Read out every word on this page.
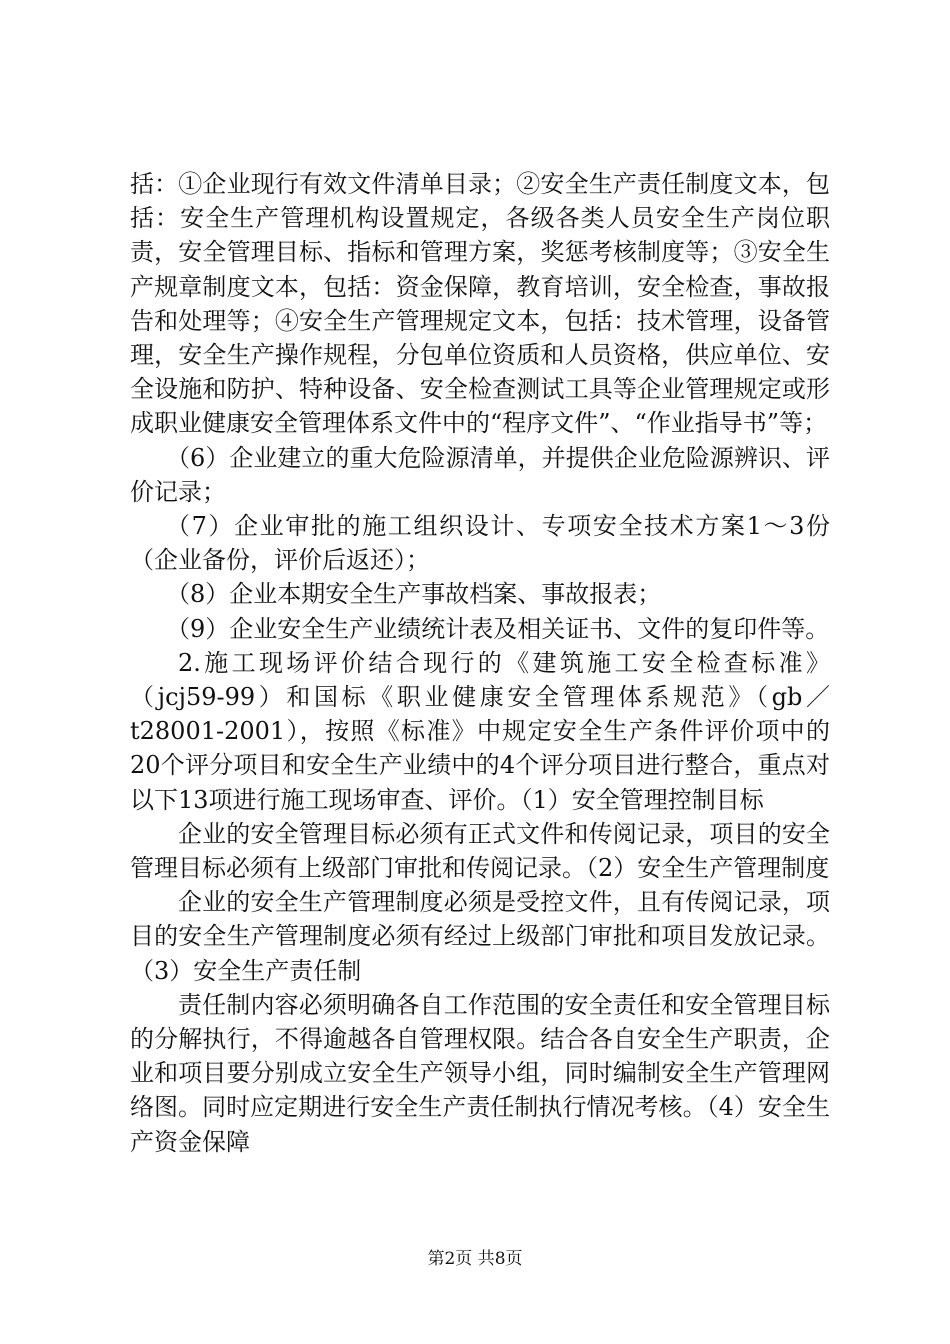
括：①企业现行有效文件清单目录；②安全生产责任制度文本，包括：安全生产管理机构设置规定，各级各类人员安全生产岗位职责，安全管理目标、指标和管理方案，奖惩考核制度等；③安全生产规章制度文本，包括：资金保障，教育培训，安全检查，事故报告和处理等；④安全生产管理规定文本，包括：技术管理，设备管理，安全生产操作规程，分包单位资质和人员资格，供应单位、安全设施和防护、特种设备、安全检查测试工具等企业管理规定或形成职业健康安全管理体系文件中的“程序文件”、“作业指导书”等；

（6）企业建立的重大危险源清单，并提供企业危险源辨识、评价记录；

（7）企业审批的施工组织设计、专项安全技术方案1～3份（企业备份，评价后返还）；

（8）企业本期安全生产事故档案、事故报表；

（9）企业安全生产业绩统计表及相关证书、文件的复印件等。

2.施工现场评价结合现行的《建筑施工安全检查标准》（jcj59-99）和国标《职业健康安全管理体系规范》（gb／t28001-2001），按照《标准》中规定安全生产条件评价项中的20个评分项目和安全生产业绩中的4个评分项目进行整合，重点对以下13项进行施工现场审查、评价。（1）安全管理控制目标

企业的安全管理目标必须有正式文件和传阅记录，项目的安全管理目标必须有上级部门审批和传阅记录。（2）安全生产管理制度

企业的安全生产管理制度必须是受控文件，且有传阅记录，项目的安全生产管理制度必须有经过上级部门审批和项目发放记录。（3）安全生产责任制

责任制内容必须明确各自工作范围的安全责任和安全管理目标的分解执行，不得逾越各自管理权限。结合各自安全生产职责，企业和项目要分别成立安全生产领导小组，同时编制安全生产管理网络图。同时应定期进行安全生产责任制执行情况考核。（4）安全生产资金保障

第2页 共8页
